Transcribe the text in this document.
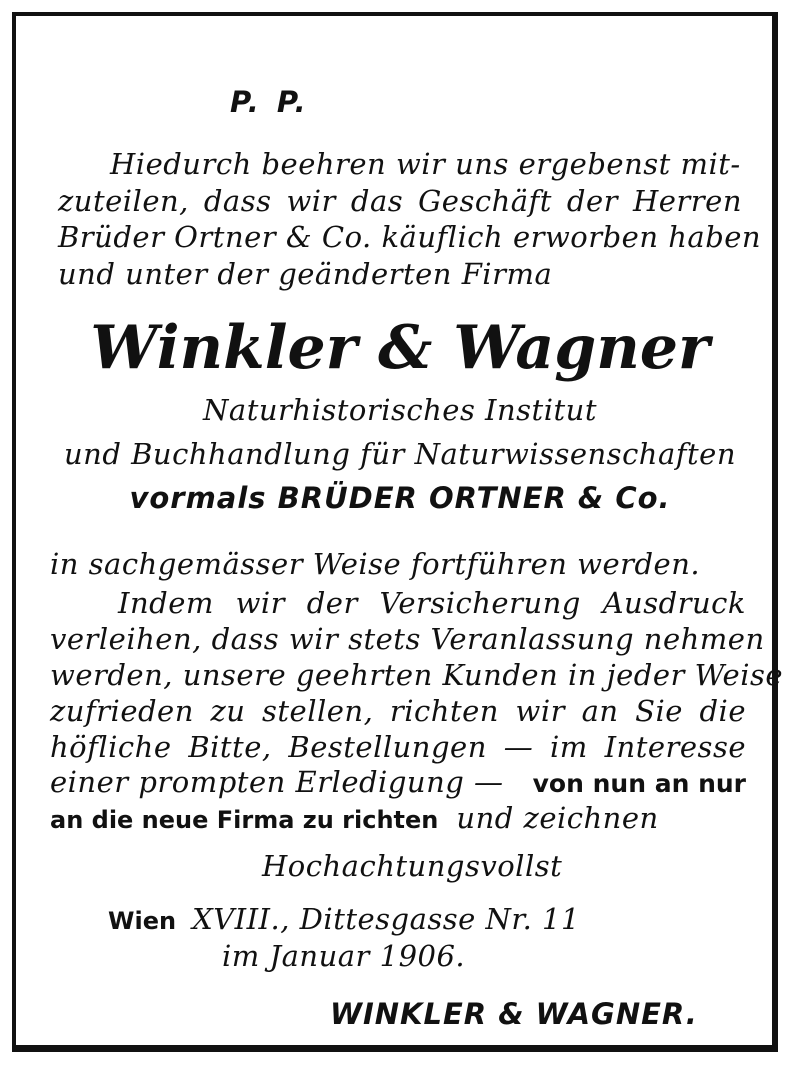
P. P.
Hiedurch beehren wir uns ergebenst mit-
zuteilen, dass wir das Geschäft der Herren
Brüder Ortner & Co. käuflich erworben haben
und unter der geänderten Firma
Winkler & Wagner
Naturhistorisches Institut
und Buchhandlung für Naturwissenschaften
vormals BRÜDER ORTNER & Co.
in sachgemässer Weise fortführen werden.
Indem wir der Versicherung Ausdruck
verleihen, dass wir stets Veranlassung nehmen
werden, unsere geehrten Kunden in jeder Weise
zufrieden zu stellen, richten wir an Sie die
höfliche Bitte, Bestellungen — im Interesse
einer prompten Erledigung — von nun an nur
an die neue Firma zu richten und zeichnen
Hochachtungsvollst
Wien XVIII., Dittesgasse Nr. 11
im Januar 1906.
WINKLER & WAGNER.
